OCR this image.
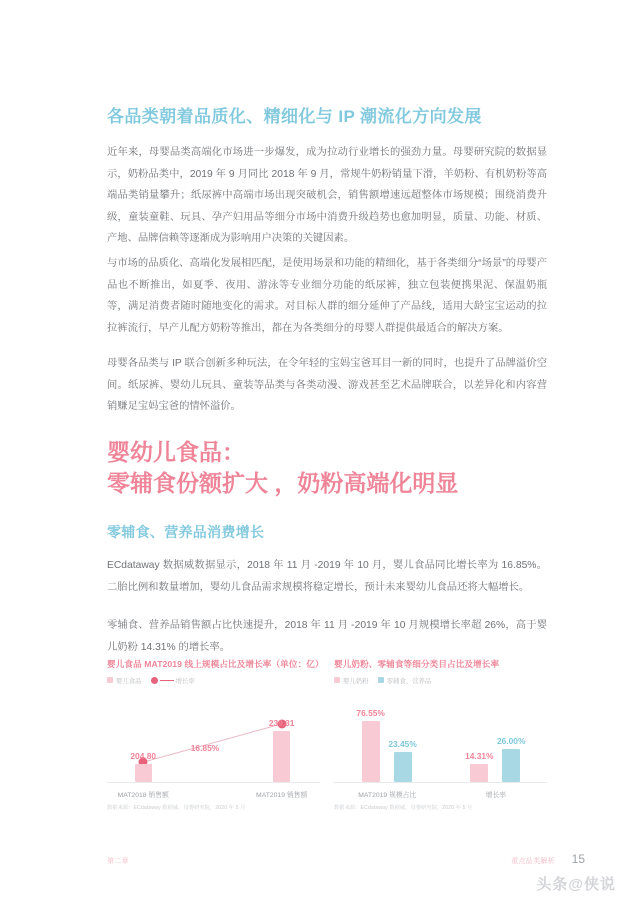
各品类朝着品质化、精细化与 IP 潮流化方向发展

近年来，母婴品类高端化市场进一步爆发，成为拉动行业增长的强劲力量。母婴研究院的数据显示，奶粉品类中，2019 年 9 月同比 2018 年 9 月，常规牛奶粉销量下滑，羊奶粉、有机奶粉等高端品类销量攀升；纸尿裤中高端市场出现突破机会，销售额增速远超整体市场规模；围绕消费升级，童装童鞋、玩具、孕产妇用品等细分市场中消费升级趋势也愈加明显，质量、功能、材质、产地、品牌信赖等逐渐成为影响用户决策的关键因素。

与市场的品质化、高端化发展相匹配，是使用场景和功能的精细化，基于各类细分“场景”的母婴产品也不断推出，如夏季、夜用、游泳等专业细分功能的纸尿裤，独立包装便携果泥、保温奶瓶等，满足消费者随时随地变化的需求。对目标人群的细分延伸了产品线，适用大龄宝宝运动的拉拉裤流行，早产儿配方奶粉等推出，都在为各类细分的母婴人群提供最适合的解决方案。

母婴各品类与 IP 联合创新多种玩法，在令年轻的宝妈宝爸耳目一新的同时，也提升了品牌溢价空间。纸尿裤、婴幼儿玩具、童装等品类与各类动漫、游戏甚至艺术品牌联合，以差异化和内容营销赚足宝妈宝爸的情怀溢价。

婴幼儿食品：
零辅食份额扩大 ，奶粉高端化明显
零辅食、营养品消费增长

ECdataway 数据威数据显示，2018 年 11 月 -2019 年 10 月，婴儿食品同比增长率为 16.85%。二胎比例和数量增加，婴幼儿食品需求规模将稳定增长，预计未来婴幼儿食品还将大幅增长。

零辅食、营养品销售额占比快速提升，2018 年 11 月 -2019 年 10 月规模增长率超 26%，高于婴儿奶粉 14.31% 的增长率。

婴儿食品 MAT2019 线上规模占比及增长率（单位：亿）
婴儿食品	增长率
16.85%
204.80
239.31
MAT2018 销售额	MAT2019 销售额
数据来源：ECdataway 数据威、母婴研究院，2020 年 5 月
婴儿奶粉、零辅食等细分类目占比及增长率
婴儿奶粉	零辅食、营养品
76.55%
23.45%
14.31%
26.00%
MAT2019 规模占比	增长率
数据来源：ECdataway 数据威、母婴研究院，2020 年 5 月
第二章	重点品类解析 15
头条@侠说
